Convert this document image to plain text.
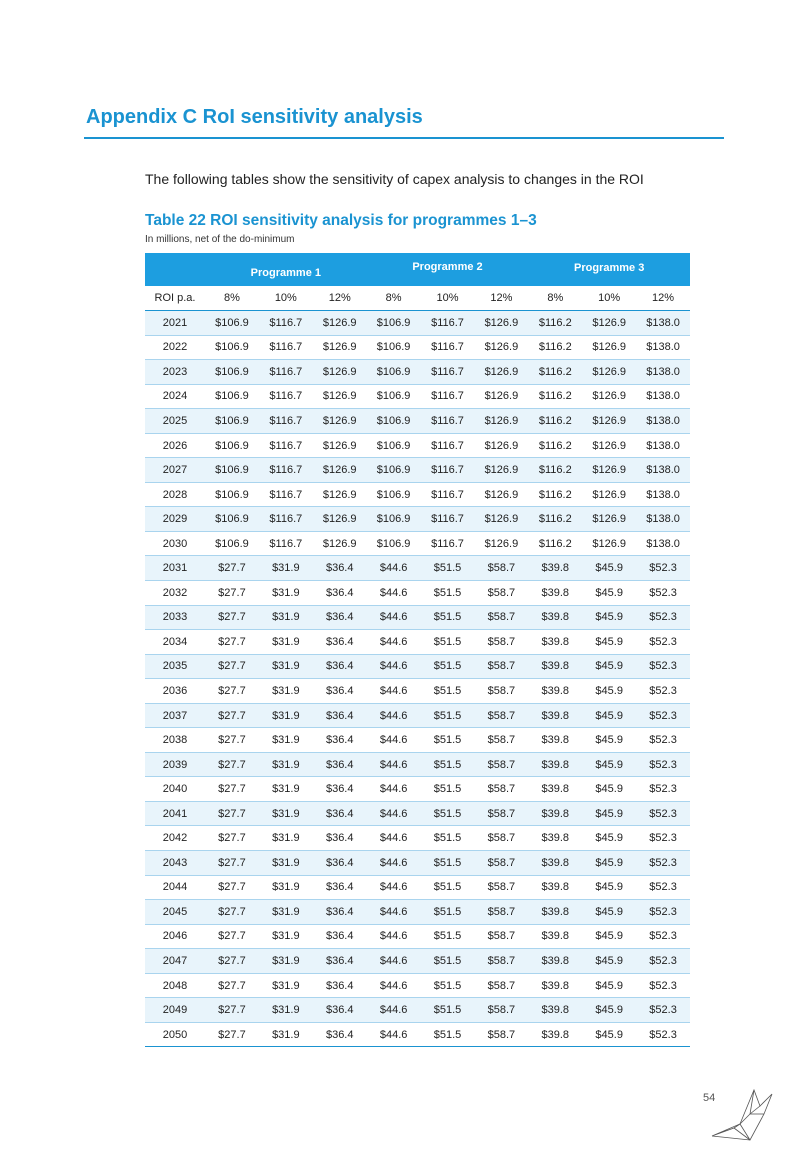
Appendix C RoI sensitivity analysis

The following tables show the sensitivity of capex analysis to changes in the ROI

Table 22 ROI sensitivity analysis for programmes 1–3
In millions, net of the do-minimum
	Programme 1			Programme 2			Programme 3		
ROI p.a.	8%	10%	12%	8%	10%	12%	8%	10%	12%
2021	$106.9	$116.7	$126.9	$106.9	$116.7	$126.9	$116.2	$126.9	$138.0
2022	$106.9	$116.7	$126.9	$106.9	$116.7	$126.9	$116.2	$126.9	$138.0
2023	$106.9	$116.7	$126.9	$106.9	$116.7	$126.9	$116.2	$126.9	$138.0
2024	$106.9	$116.7	$126.9	$106.9	$116.7	$126.9	$116.2	$126.9	$138.0
2025	$106.9	$116.7	$126.9	$106.9	$116.7	$126.9	$116.2	$126.9	$138.0
2026	$106.9	$116.7	$126.9	$106.9	$116.7	$126.9	$116.2	$126.9	$138.0
2027	$106.9	$116.7	$126.9	$106.9	$116.7	$126.9	$116.2	$126.9	$138.0
2028	$106.9	$116.7	$126.9	$106.9	$116.7	$126.9	$116.2	$126.9	$138.0
2029	$106.9	$116.7	$126.9	$106.9	$116.7	$126.9	$116.2	$126.9	$138.0
2030	$106.9	$116.7	$126.9	$106.9	$116.7	$126.9	$116.2	$126.9	$138.0
2031	$27.7	$31.9	$36.4	$44.6	$51.5	$58.7	$39.8	$45.9	$52.3
2032	$27.7	$31.9	$36.4	$44.6	$51.5	$58.7	$39.8	$45.9	$52.3
2033	$27.7	$31.9	$36.4	$44.6	$51.5	$58.7	$39.8	$45.9	$52.3
2034	$27.7	$31.9	$36.4	$44.6	$51.5	$58.7	$39.8	$45.9	$52.3
2035	$27.7	$31.9	$36.4	$44.6	$51.5	$58.7	$39.8	$45.9	$52.3
2036	$27.7	$31.9	$36.4	$44.6	$51.5	$58.7	$39.8	$45.9	$52.3
2037	$27.7	$31.9	$36.4	$44.6	$51.5	$58.7	$39.8	$45.9	$52.3
2038	$27.7	$31.9	$36.4	$44.6	$51.5	$58.7	$39.8	$45.9	$52.3
2039	$27.7	$31.9	$36.4	$44.6	$51.5	$58.7	$39.8	$45.9	$52.3
2040	$27.7	$31.9	$36.4	$44.6	$51.5	$58.7	$39.8	$45.9	$52.3
2041	$27.7	$31.9	$36.4	$44.6	$51.5	$58.7	$39.8	$45.9	$52.3
2042	$27.7	$31.9	$36.4	$44.6	$51.5	$58.7	$39.8	$45.9	$52.3
2043	$27.7	$31.9	$36.4	$44.6	$51.5	$58.7	$39.8	$45.9	$52.3
2044	$27.7	$31.9	$36.4	$44.6	$51.5	$58.7	$39.8	$45.9	$52.3
2045	$27.7	$31.9	$36.4	$44.6	$51.5	$58.7	$39.8	$45.9	$52.3
2046	$27.7	$31.9	$36.4	$44.6	$51.5	$58.7	$39.8	$45.9	$52.3
2047	$27.7	$31.9	$36.4	$44.6	$51.5	$58.7	$39.8	$45.9	$52.3
2048	$27.7	$31.9	$36.4	$44.6	$51.5	$58.7	$39.8	$45.9	$52.3
2049	$27.7	$31.9	$36.4	$44.6	$51.5	$58.7	$39.8	$45.9	$52.3
2050	$27.7	$31.9	$36.4	$44.6	$51.5	$58.7	$39.8	$45.9	$52.3
54
